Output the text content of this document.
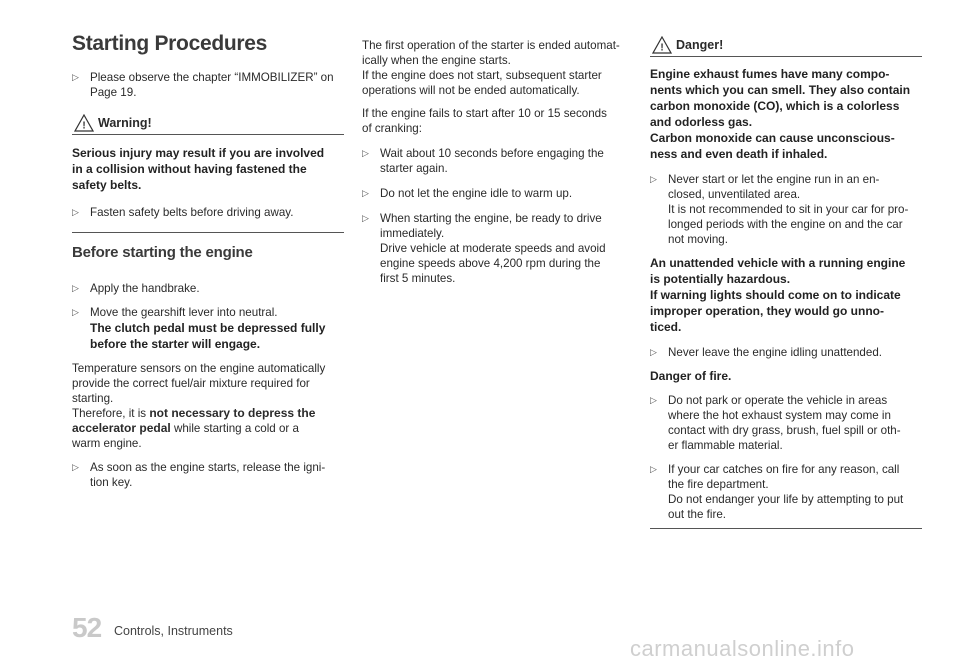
Starting Procedures
▷ Please observe the chapter “IMMOBILIZER” on
Page 19.
! Warning!
Serious injury may result if you are involved
in a collision without having fastened the
safety belts.
▷ Fasten safety belts before driving away.
Before starting the engine
▷ Apply the handbrake.
▷ Move the gearshift lever into neutral.
The clutch pedal must be depressed fully
before the starter will engage.
Temperature sensors on the engine automatically
provide the correct fuel/air mixture required for
starting.
Therefore, it is not necessary to depress the
accelerator pedal while starting a cold or a
warm engine.
▷ As soon as the engine starts, release the igni-
tion key.
The first operation of the starter is ended automat-
ically when the engine starts.
If the engine does not start, subsequent starter
operations will not be ended automatically.
If the engine fails to start after 10 or 15 seconds
of cranking:
▷ Wait about 10 seconds before engaging the
starter again.
▷ Do not let the engine idle to warm up.
▷ When starting the engine, be ready to drive
immediately.
Drive vehicle at moderate speeds and avoid
engine speeds above 4,200 rpm during the
first 5 minutes.
! Danger!
Engine exhaust fumes have many compo-
nents which you can smell. They also contain
carbon monoxide (CO), which is a colorless
and odorless gas.
Carbon monoxide can cause unconscious-
ness and even death if inhaled.
▷ Never start or let the engine run in an en-
closed, unventilated area.
It is not recommended to sit in your car for pro-
longed periods with the engine on and the car
not moving.
An unattended vehicle with a running engine
is potentially hazardous.
If warning lights should come on to indicate
improper operation, they would go unno-
ticed.
▷ Never leave the engine idling unattended.
Danger of fire.
▷ Do not park or operate the vehicle in areas
where the hot exhaust system may come in
contact with dry grass, brush, fuel spill or oth-
er flammable material.
▷ If your car catches on fire for any reason, call
the fire department.
Do not endanger your life by attempting to put
out the fire.
52 Controls, Instruments
carmanualsonline.info
